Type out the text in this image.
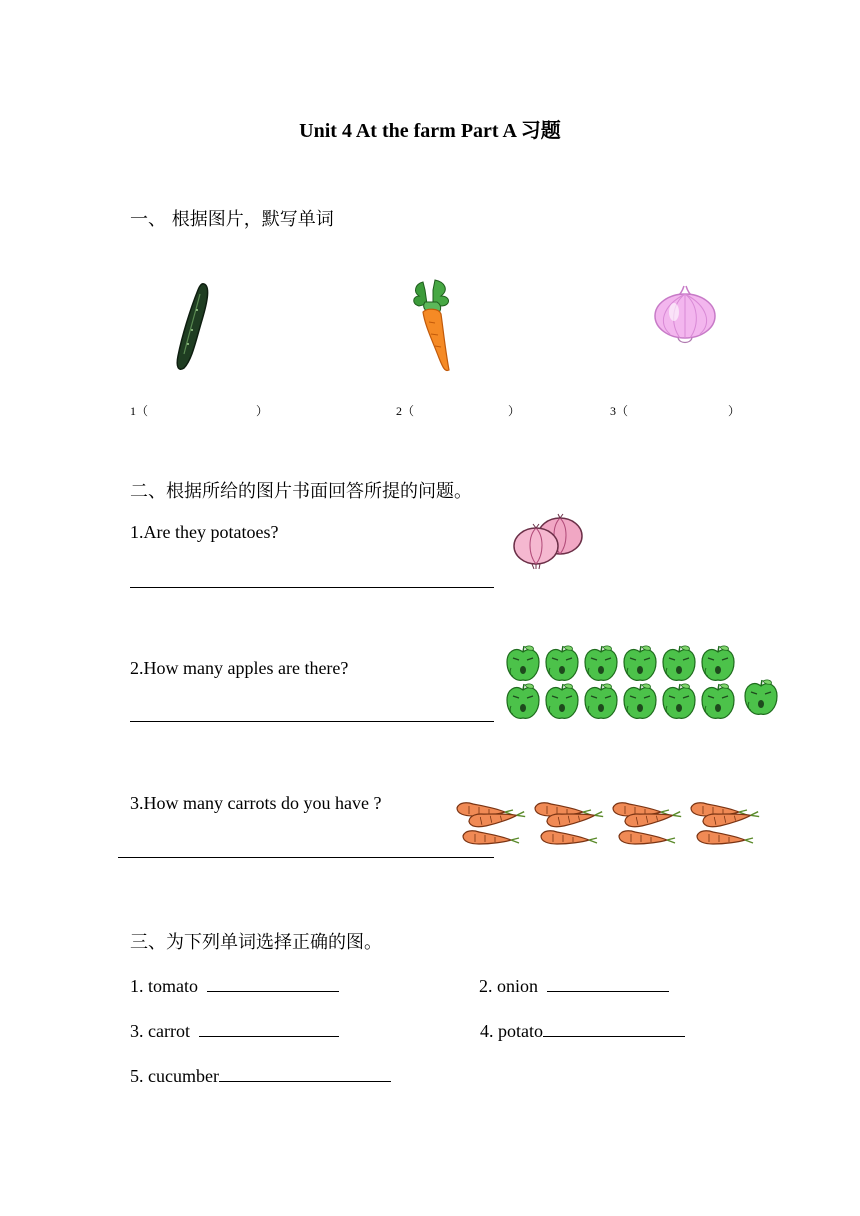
Unit 4 At the farm Part A 习题
一、 根据图片，默写单词
1（	）	2（	）	3（	）
二、根据所给的图片书面回答所提的问题。
1.Are they potatoes?
2.How many apples are there?
3.How many carrots do you have ?
三、为下列单词选择正确的图。
1. tomato	2. onion
3. carrot	4. potato
5. cucumber
